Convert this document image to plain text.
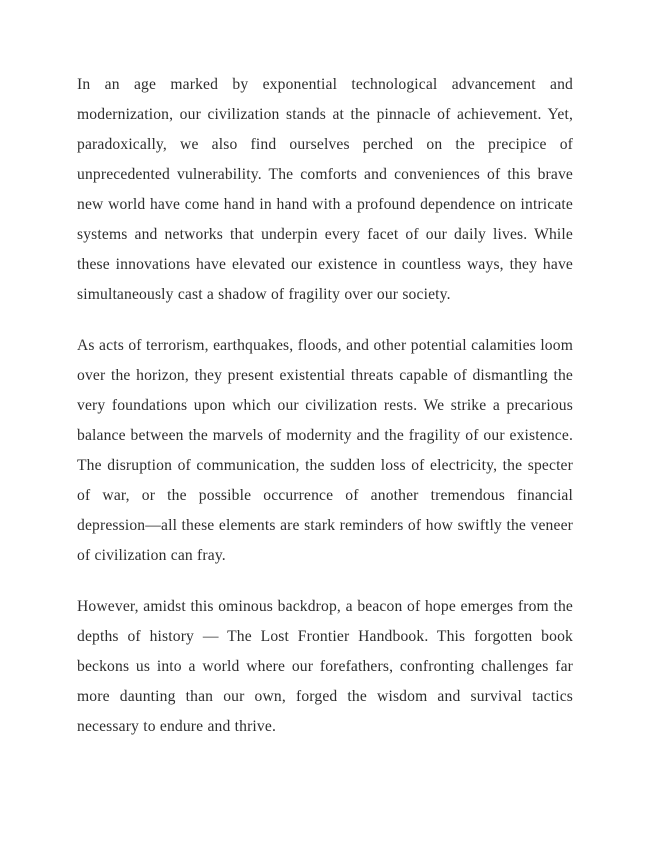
In an age marked by exponential technological advancement and modernization, our civilization stands at the pinnacle of achievement. Yet, paradoxically, we also find ourselves perched on the precipice of unprecedented vulnerability. The comforts and conveniences of this brave new world have come hand in hand with a profound dependence on intricate systems and networks that underpin every facet of our daily lives. While these innovations have elevated our existence in countless ways, they have simultaneously cast a shadow of fragility over our society.

As acts of terrorism, earthquakes, floods, and other potential calamities loom over the horizon, they present existential threats capable of dismantling the very foundations upon which our civilization rests. We strike a precarious balance between the marvels of modernity and the fragility of our existence. The disruption of communication, the sudden loss of electricity, the specter of war, or the possible occurrence of another tremendous financial depression—all these elements are stark reminders of how swiftly the veneer of civilization can fray.

However, amidst this ominous backdrop, a beacon of hope emerges from the depths of history — The Lost Frontier Handbook. This forgotten book beckons us into a world where our forefathers, confronting challenges far more daunting than our own, forged the wisdom and survival tactics necessary to endure and thrive.
